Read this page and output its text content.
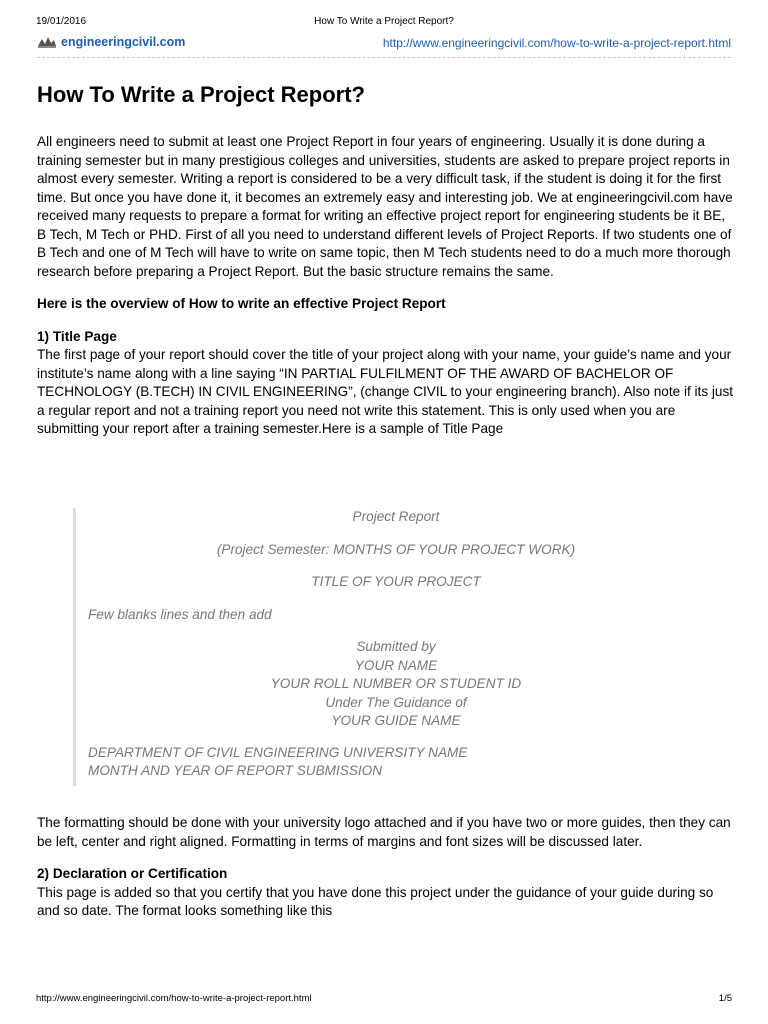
19/01/2016	How To Write a Project Report?
engineeringcivil.com	http://www.engineeringcivil.com/how-to-write-a-project-report.html
How To Write a Project Report?

All engineers need to submit at least one Project Report in four years of engineering. Usually it is done during a training semester but in many prestigious colleges and universities, students are asked to prepare project reports in almost every semester. Writing a report is considered to be a very difficult task, if the student is doing it for the first time. But once you have done it, it becomes an extremely easy and interesting job. We at engineeringcivil.com have received many requests to prepare a format for writing an effective project report for engineering students be it BE, B Tech, M Tech or PHD. First of all you need to understand different levels of Project Reports. If two students one of B Tech and one of M Tech will have to write on same topic, then M Tech students need to do a much more thorough research before preparing a Project Report. But the basic structure remains the same.

Here is the overview of How to write an effective Project Report

1) Title Page

The first page of your report should cover the title of your project along with your name, your guide’s name and your institute’s name along with a line saying “IN PARTIAL FULFILMENT OF THE AWARD OF BACHELOR OF TECHNOLOGY (B.TECH) IN CIVIL ENGINEERING”, (change CIVIL to your engineering branch). Also note if its just a regular report and not a training report you need not write this statement. This is only used when you are submitting your report after a training semester.Here is a sample of Title Page

Project Report

(Project Semester: MONTHS OF YOUR PROJECT WORK)

TITLE OF YOUR PROJECT

Few blanks lines and then add

Submitted by

YOUR NAME

YOUR ROLL NUMBER OR STUDENT ID

Under The Guidance of

YOUR GUIDE NAME

DEPARTMENT OF CIVIL ENGINEERING UNIVERSITY NAME

MONTH AND YEAR OF REPORT SUBMISSION

The formatting should be done with your university logo attached and if you have two or more guides, then they can be left, center and right aligned. Formatting in terms of margins and font sizes will be discussed later.

2) Declaration or Certification

This page is added so that you certify that you have done this project under the guidance of your guide during so and so date. The format looks something like this

http://www.engineeringcivil.com/how-to-write-a-project-report.html	1/5
